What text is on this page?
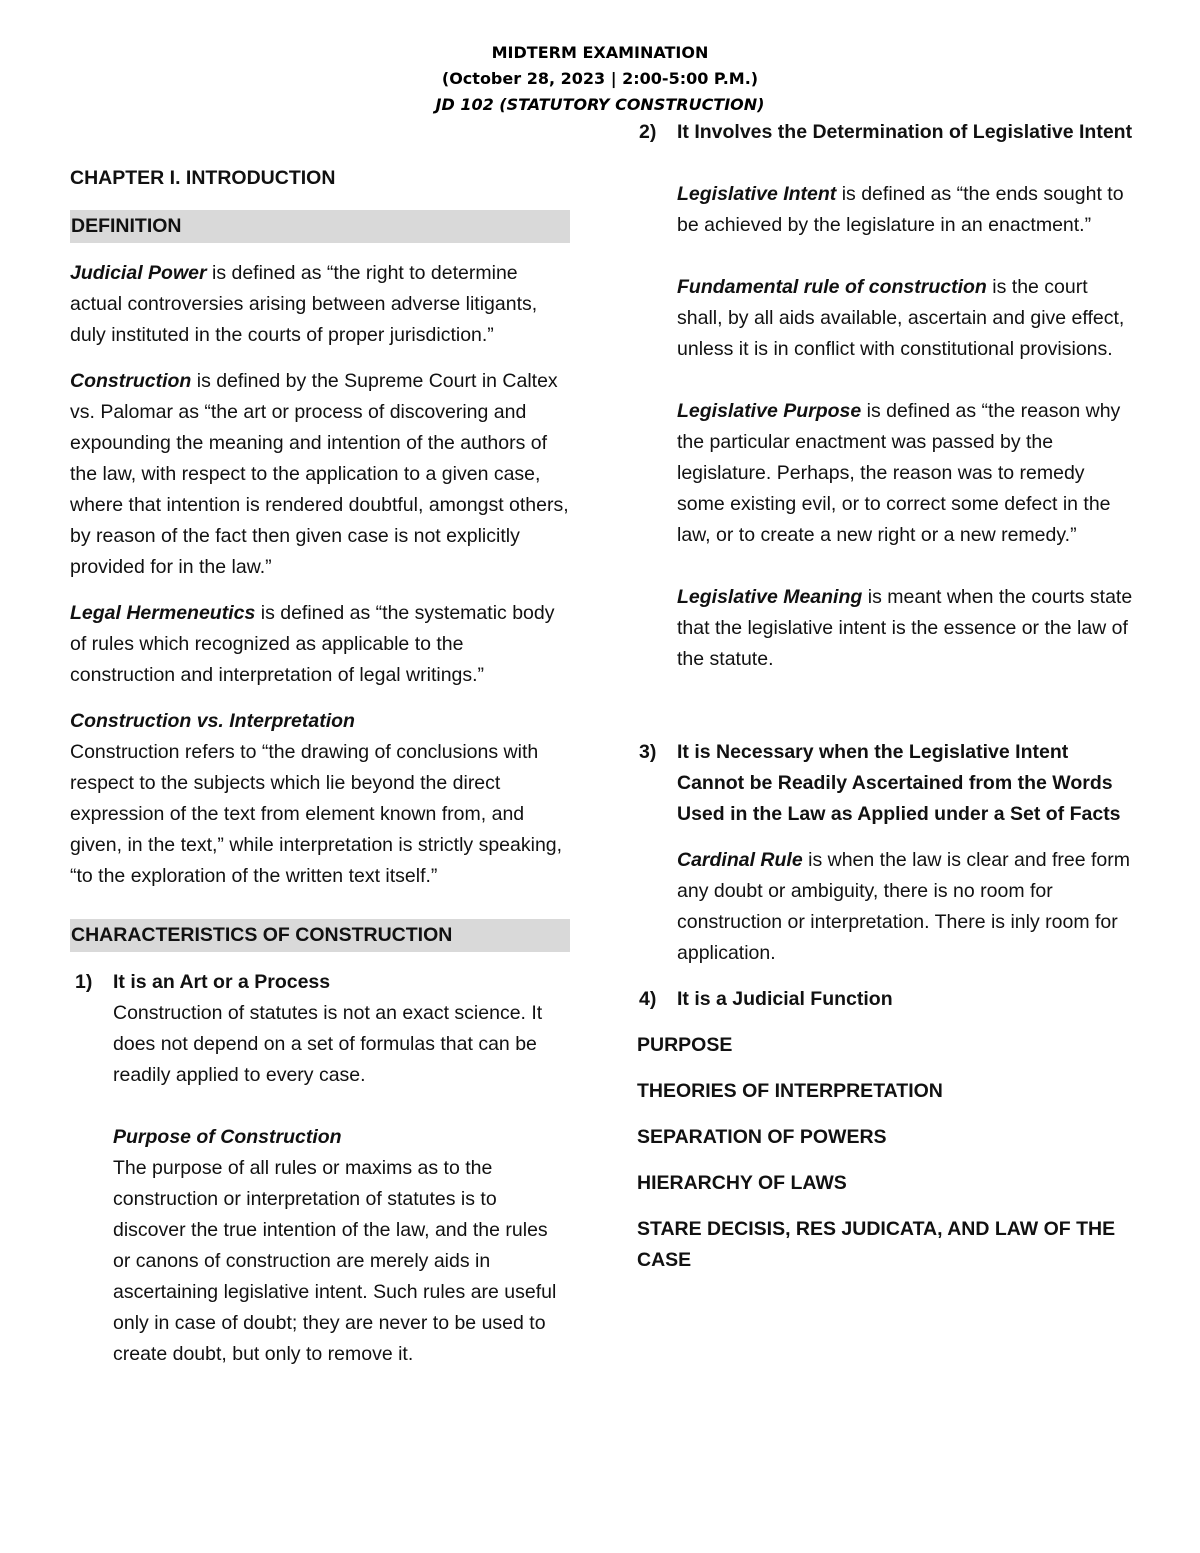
MIDTERM EXAMINATION
(October 28, 2023 | 2:00-5:00 P.M.)
JD 102 (STATUTORY CONSTRUCTION)

CHAPTER I. INTRODUCTION

DEFINITION

Judicial Power is defined as “the right to determine actual controversies arising between adverse litigants, duly instituted in the courts of proper jurisdiction.”

Construction is defined by the Supreme Court in Caltex vs. Palomar as “the art or process of discovering and expounding the meaning and intention of the authors of the law, with respect to the application to a given case, where that intention is rendered doubtful, amongst others, by reason of the fact then given case is not explicitly provided for in the law.”

Legal Hermeneutics is defined as “the systematic body of rules which recognized as applicable to the construction and interpretation of legal writings.”

Construction vs. Interpretation

Construction refers to “the drawing of conclusions with respect to the subjects which lie beyond the direct expression of the text from element known from, and given, in the text,” while interpretation is strictly speaking, “to the exploration of the written text itself.”

CHARACTERISTICS OF CONSTRUCTION
1) It is an Art or a Process

Construction of statutes is not an exact science. It does not depend on a set of formulas that can be readily applied to every case.

Purpose of Construction

The purpose of all rules or maxims as to the construction or interpretation of statutes is to discover the true intention of the law, and the rules or canons of construction are merely aids in ascertaining legislative intent. Such rules are useful only in case of doubt; they are never to be used to create doubt, but only to remove it.

2) It Involves the Determination of Legislative Intent

Legislative Intent is defined as “the ends sought to be achieved by the legislature in an enactment.”

Fundamental rule of construction is the court shall, by all aids available, ascertain and give effect, unless it is in conflict with constitutional provisions.

Legislative Purpose is defined as “the reason why the particular enactment was passed by the legislature. Perhaps, the reason was to remedy some existing evil, or to correct some defect in the law, or to create a new right or a new remedy.”

Legislative Meaning is meant when the courts state that the legislative intent is the essence or the law of the statute.

3) It is Necessary when the Legislative Intent Cannot be Readily Ascertained from the Words Used in the Law as Applied under a Set of Facts

Cardinal Rule is when the law is clear and free form any doubt or ambiguity, there is no room for construction or interpretation. There is inly room for application.

4) It is a Judicial Function

PURPOSE

THEORIES OF INTERPRETATION

SEPARATION OF POWERS

HIERARCHY OF LAWS

STARE DECISIS, RES JUDICATA, AND LAW OF THE CASE
